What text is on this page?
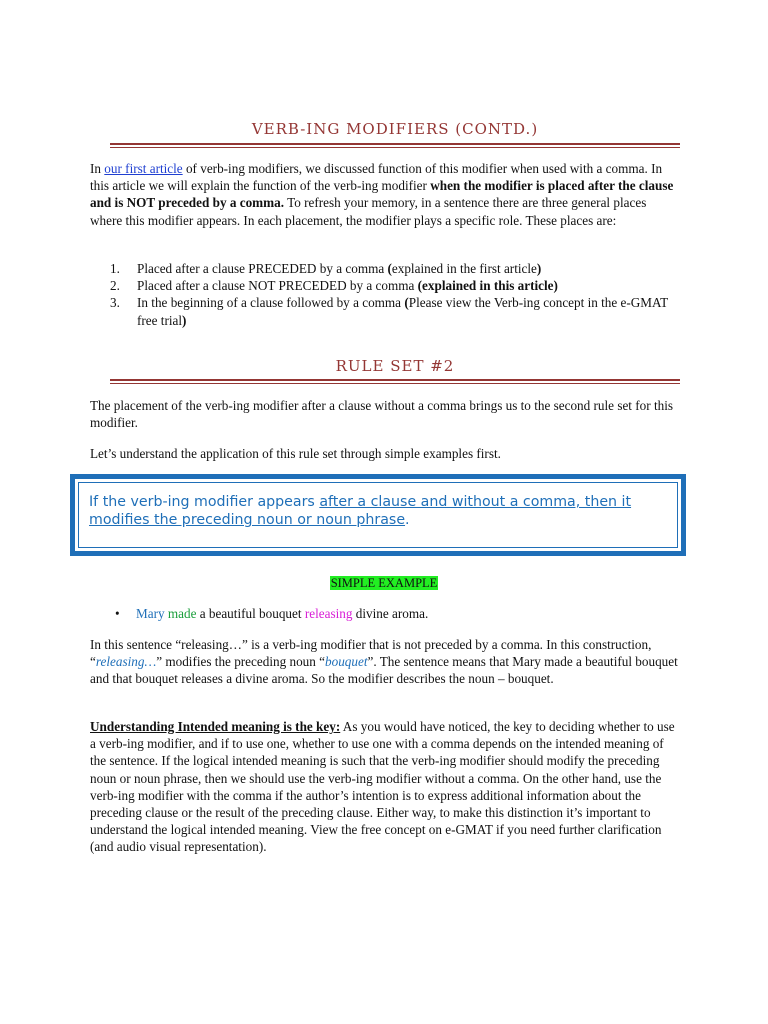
VERB-ING MODIFIERS (CONTD.)
In our first article of verb-ing modifiers, we discussed function of this modifier when used with a comma. In this article we will explain the function of the verb-ing modifier when the modifier is placed after the clause and is NOT preceded by a comma. To refresh your memory, in a sentence there are three general places where this modifier appears. In each placement, the modifier plays a specific role. These places are:
1. Placed after a clause PRECEDED by a comma (explained in the first article)
2. Placed after a clause NOT PRECEDED by a comma (explained in this article)
3. In the beginning of a clause followed by a comma (Please view the Verb-ing concept in the e-GMAT free trial)
RULE SET #2
The placement of the verb-ing modifier after a clause without a comma brings us to the second rule set for this modifier.
Let’s understand the application of this rule set through simple examples first.
If the verb-ing modifier appears after a clause and without a comma, then it modifies the preceding noun or noun phrase.
SIMPLE EXAMPLE
• Mary made a beautiful bouquet releasing divine aroma.
In this sentence “releasing…” is a verb-ing modifier that is not preceded by a comma. In this construction, “releasing…” modifies the preceding noun “bouquet”. The sentence means that Mary made a beautiful bouquet and that bouquet releases a divine aroma. So the modifier describes the noun – bouquet.
Understanding Intended meaning is the key: As you would have noticed, the key to deciding whether to use a verb-ing modifier, and if to use one, whether to use one with a comma depends on the intended meaning of the sentence. If the logical intended meaning is such that the verb-ing modifier should modify the preceding noun or noun phrase, then we should use the verb-ing modifier without a comma. On the other hand, use the verb-ing modifier with the comma if the author’s intention is to express additional information about the preceding clause or the result of the preceding clause. Either way, to make this distinction it’s important to understand the logical intended meaning. View the free concept on e-GMAT if you need further clarification (and audio visual representation).
